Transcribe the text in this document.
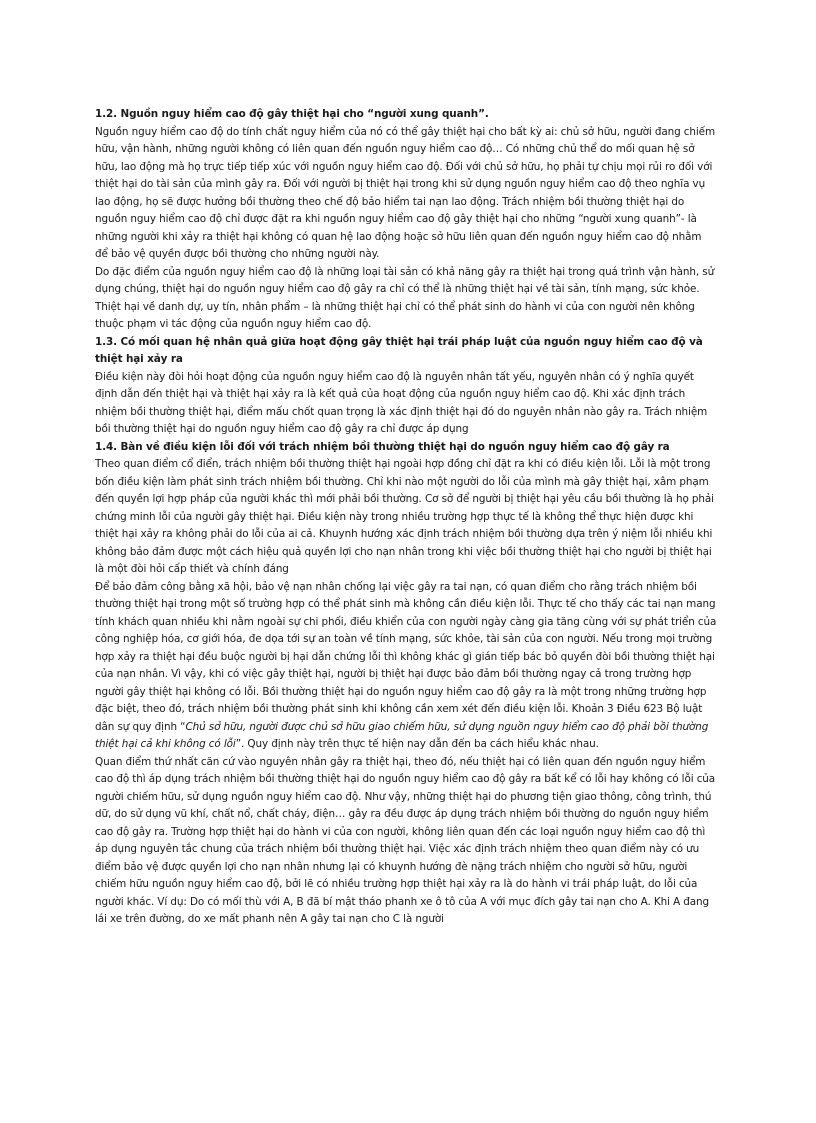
1.2. Nguồn nguy hiểm cao độ gây thiệt hại cho “người xung quanh”.

Nguồn nguy hiểm cao độ do tính chất nguy hiểm của nó có thể gây thiệt hại cho bất kỳ ai: chủ sở hữu, người đang chiếm hữu, vận hành, những người không có liên quan đến nguồn nguy hiểm cao độ… Có những chủ thể do mối quan hệ sở hữu, lao động mà họ trực tiếp tiếp xúc với nguồn nguy hiểm cao độ. Đối với chủ sở hữu, họ phải tự chịu mọi rủi ro đối với thiệt hại do tài sản của mình gây ra. Đối với người bị thiệt hại trong khi sử dụng nguồn nguy hiểm cao độ theo nghĩa vụ lao động, họ sẽ được hưởng bồi thường theo chế độ bảo hiểm tai nạn lao động. Trách nhiệm bồi thường thiệt hại do nguồn nguy hiểm cao độ chỉ được đặt ra khi nguồn nguy hiểm cao độ gây thiệt hại cho những “người xung quanh”- là những người khi xảy ra thiệt hại không có quan hệ lao động hoặc sở hữu liên quan đến nguồn nguy hiểm cao độ nhằm để bảo vệ quyền được bồi thường cho những người này.

Do đặc điểm của nguồn nguy hiểm cao độ là những loại tài sản có khả năng gây ra thiệt hại trong quá trình vận hành, sử dụng chúng, thiệt hại do nguồn nguy hiểm cao độ gây ra chỉ có thể là những thiệt hại về tài sản, tính mạng, sức khỏe. Thiệt hại về danh dự, uy tín, nhân phẩm – là những thiệt hại chỉ có thể phát sinh do hành vi của con người nên không thuộc phạm vi tác động của nguồn nguy hiểm cao độ.

1.3. Có mối quan hệ nhân quả giữa hoạt động gây thiệt hại trái pháp luật của nguồn nguy hiểm cao độ và thiệt hại xảy ra

Điều kiện này đòi hỏi hoạt động của nguồn nguy hiểm cao độ là nguyên nhân tất yếu, nguyên nhân có ý nghĩa quyết định dẫn đến thiệt hại và thiệt hại xảy ra là kết quả của hoạt động của nguồn nguy hiểm cao độ. Khi xác định trách nhiệm bồi thường thiệt hại, điểm mấu chốt quan trọng là xác định thiệt hại đó do nguyên nhân nào gây ra. Trách nhiệm bồi thường thiệt hại do nguồn nguy hiểm cao độ gây ra chỉ được áp dụng

1.4. Bàn về điều kiện lỗi đối với trách nhiệm bồi thường thiệt hại do nguồn nguy hiểm cao độ gây ra

Theo quan điểm cổ điển, trách nhiệm bồi thường thiệt hại ngoài hợp đồng chỉ đặt ra khi có điều kiện lỗi. Lỗi là một trong bốn điều kiện làm phát sinh trách nhiệm bồi thường. Chỉ khi nào một người do lỗi của mình mà gây thiệt hại, xâm phạm đến quyền lợi hợp pháp của người khác thì mới phải bồi thường. Cơ sở để người bị thiệt hại yêu cầu bồi thường là họ phải chứng minh lỗi của người gây thiệt hại. Điều kiện này trong nhiều trường hợp thực tế là không thể thực hiện được khi thiệt hại xảy ra không phải do lỗi của ai cả. Khuynh hướng xác định trách nhiệm bồi thường dựa trên ý niệm lỗi nhiều khi không bảo đảm được một cách hiệu quả quyền lợi cho nạn nhân trong khi việc bồi thường thiệt hại cho người bị thiệt hại là một đòi hỏi cấp thiết và chính đáng

Để bảo đảm công bằng xã hội, bảo vệ nạn nhân chống lại việc gây ra tai nạn, có quan điểm cho rằng trách nhiệm bồi thường thiệt hại trong một số trường hợp có thể phát sinh mà không cần điều kiện lỗi. Thực tế cho thấy các tai nạn mang tính khách quan nhiều khi nằm ngoài sự chi phối, điều khiển của con người ngày càng gia tăng cùng với sự phát triển của công nghiệp hóa, cơ giới hóa, đe dọa tới sự an toàn về tính mạng, sức khỏe, tài sản của con người. Nếu trong mọi trường hợp xảy ra thiệt hại đều buộc người bị hại dẫn chứng lỗi thì không khác gì gián tiếp bác bỏ quyền đòi bồi thường thiệt hại của nạn nhân. Vì vậy, khi có việc gây thiệt hại, người bị thiệt hại được bảo đảm bồi thường ngay cả trong trường hợp người gây thiệt hại không có lỗi. Bồi thường thiệt hại do nguồn nguy hiểm cao độ gây ra là một trong những trường hợp đặc biệt, theo đó, trách nhiệm bồi thường phát sinh khi không cần xem xét đến điều kiện lỗi. Khoản 3 Điều 623 Bộ luật dân sự quy định “Chủ sở hữu, người được chủ sở hữu giao chiếm hữu, sử dụng nguồn nguy hiểm cao độ phải bồi thường thiệt hại cả khi không có lỗi”. Quy định này trên thực tế hiện nay dẫn đến ba cách hiểu khác nhau.

Quan điểm thứ nhất căn cứ vào nguyên nhân gây ra thiệt hại, theo đó, nếu thiệt hại có liên quan đến nguồn nguy hiểm cao độ thì áp dụng trách nhiệm bồi thường thiệt hại do nguồn nguy hiểm cao độ gây ra bất kể có lỗi hay không có lỗi của người chiếm hữu, sử dụng nguồn nguy hiểm cao độ. Như vậy, những thiệt hại do phương tiện giao thông, công trình, thú dữ, do sử dụng vũ khí, chất nổ, chất cháy, điện… gây ra đều được áp dụng trách nhiệm bồi thường do nguồn nguy hiểm cao độ gây ra. Trường hợp thiệt hại do hành vi của con người, không liên quan đến các loại nguồn nguy hiểm cao độ thì áp dụng nguyên tắc chung của trách nhiệm bồi thường thiệt hại. Việc xác định trách nhiệm theo quan điểm này có ưu điểm bảo vệ được quyền lợi cho nạn nhân nhưng lại có khuynh hướng đè nặng trách nhiệm cho người sở hữu, người chiếm hữu nguồn nguy hiểm cao độ, bởi lẽ có nhiều trường hợp thiệt hại xảy ra là do hành vi trái pháp luật, do lỗi của người khác. Ví dụ: Do có mối thù với A, B đã bí mật tháo phanh xe ô tô của A với mục đích gây tai nạn cho A. Khi A đang lái xe trên đường, do xe mất phanh nên A gây tai nạn cho C là người
